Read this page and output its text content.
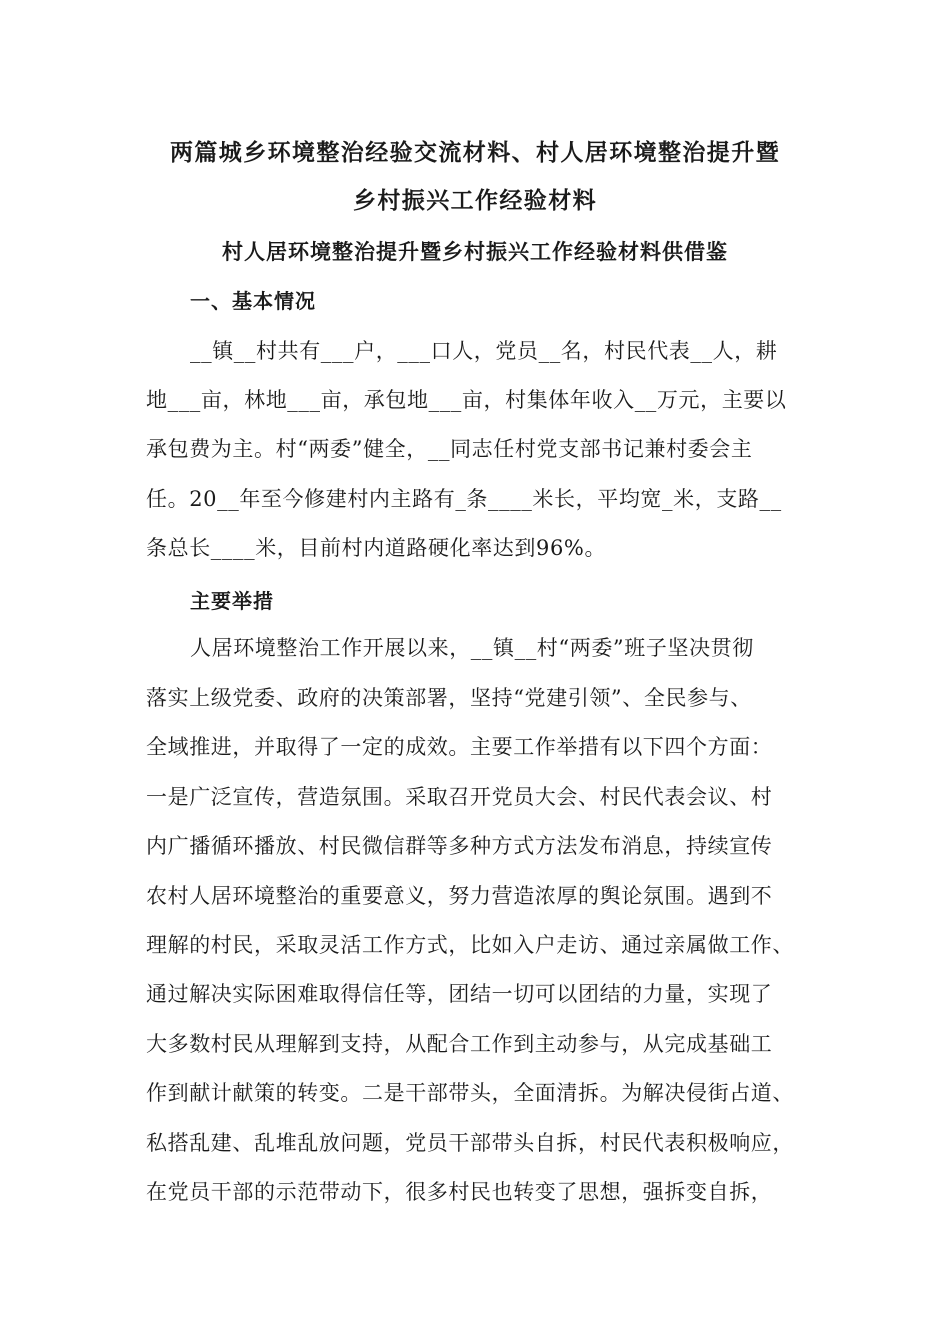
两篇城乡环境整治经验交流材料、村人居环境整治提升暨
乡村振兴工作经验材料
村人居环境整治提升暨乡村振兴工作经验材料供借鉴
一、基本情况
__镇__村共有___户，___口人，党员__名，村民代表__人，耕
地___亩，林地___亩，承包地___亩，村集体年收入__万元，主要以
承包费为主。村“两委”健全，__同志任村党支部书记兼村委会主
任。20__年至今修建村内主路有_条____米长，平均宽_米，支路__
条总长____米，目前村内道路硬化率达到96%。
主要举措
人居环境整治工作开展以来，__镇__村“两委”班子坚决贯彻
落实上级党委、政府的决策部署，坚持“党建引领”、全民参与、
全域推进，并取得了一定的成效。主要工作举措有以下四个方面：
一是广泛宣传，营造氛围。采取召开党员大会、村民代表会议、村
内广播循环播放、村民微信群等多种方式方法发布消息，持续宣传
农村人居环境整治的重要意义，努力营造浓厚的舆论氛围。遇到不
理解的村民，采取灵活工作方式，比如入户走访、通过亲属做工作、
通过解决实际困难取得信任等，团结一切可以团结的力量，实现了
大多数村民从理解到支持，从配合工作到主动参与，从完成基础工
作到献计献策的转变。二是干部带头，全面清拆。为解决侵街占道、
私搭乱建、乱堆乱放问题，党员干部带头自拆，村民代表积极响应，
在党员干部的示范带动下，很多村民也转变了思想，强拆变自拆，
